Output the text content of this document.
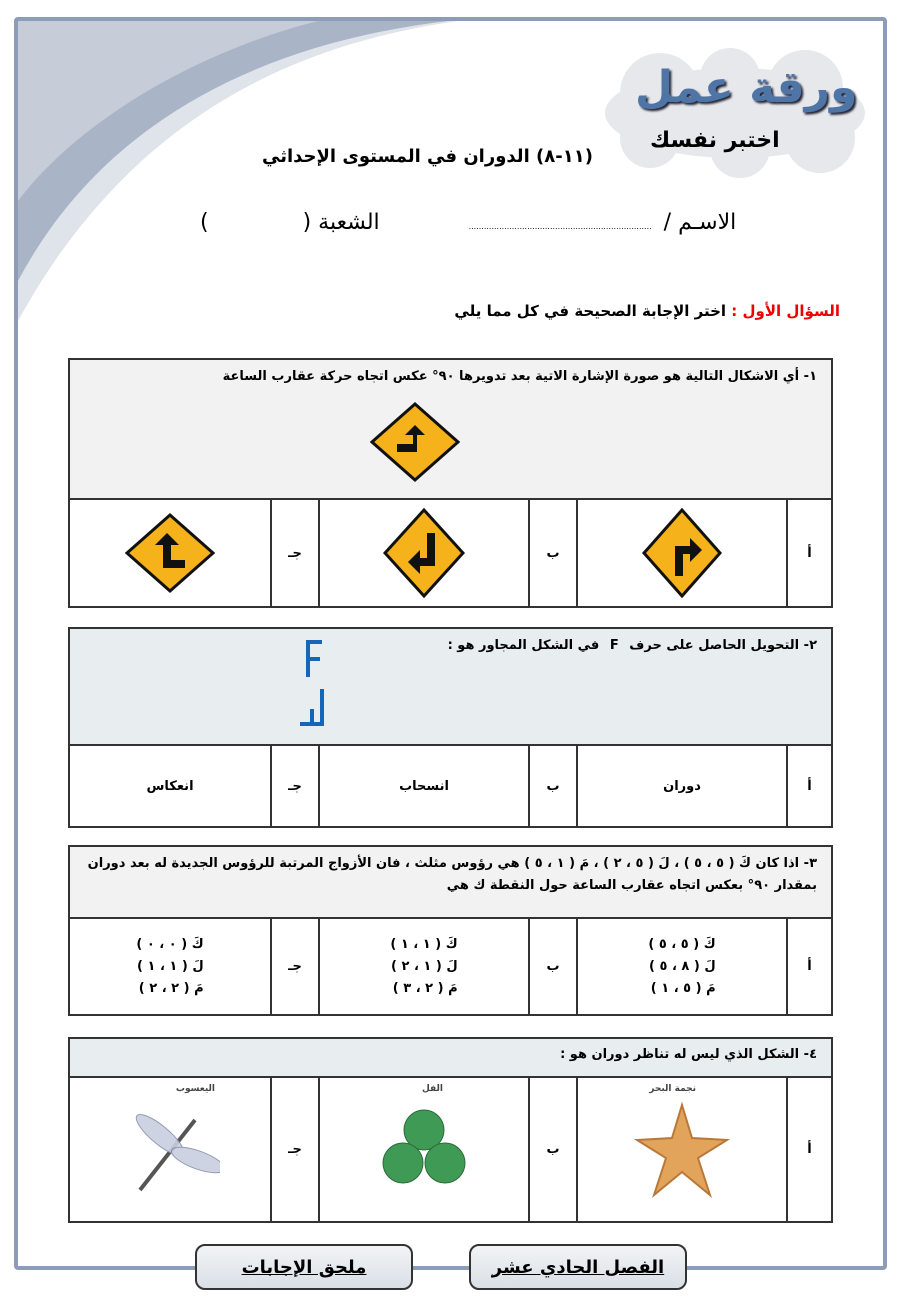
ورقة عمل
اختبر نفسك
(١١-٨) الدوران في المستوى الإحداثي
الاسـم /
........................................................................
الشعبة (
)
السؤال الأول : اختر الإجابة الصحيحة في كل مما يلي
١- أي الاشكال التالية هو صورة الإشارة الاتية بعد تدويرها ٩٠° عكس اتجاه حركة عقارب الساعة
أ
ب
جـ
٢- التحويل الحاصل على حرف F في الشكل المجاور هو :
أ
دوران
ب
انسحاب
جـ
انعكاس
٣- اذا كان كَ ( ٥ ، ٥ ) ، لَ ( ٥ ، ٢ ) ، مَ ( ١ ، ٥ ) هي رؤوس مثلث ، فان الأزواج المرتبة للرؤوس الجديدة له بعد دوران بمقدار ٩٠° بعكس اتجاه عقارب الساعة حول النقطة ك هي
أ
كَ ( ٥ ، ٥ )
لَ ( ٨ ، ٥ )
مَ ( ٥ ، ١ )
ب
كَ ( ١ ، ١ )
لَ ( ١ ، ٢ )
مَ ( ٢ ، ٣ )
جـ
كَ ( ٠ ، ٠ )
لَ ( ١ ، ١ )
مَ ( ٢ ، ٢ )
٤- الشكل الذي ليس له تناظر دوران هو :
أ
نجمة البحر
ب
الفل
جـ
اليعسوب
ملحق الإجابات	الفصل الحادي عشر
